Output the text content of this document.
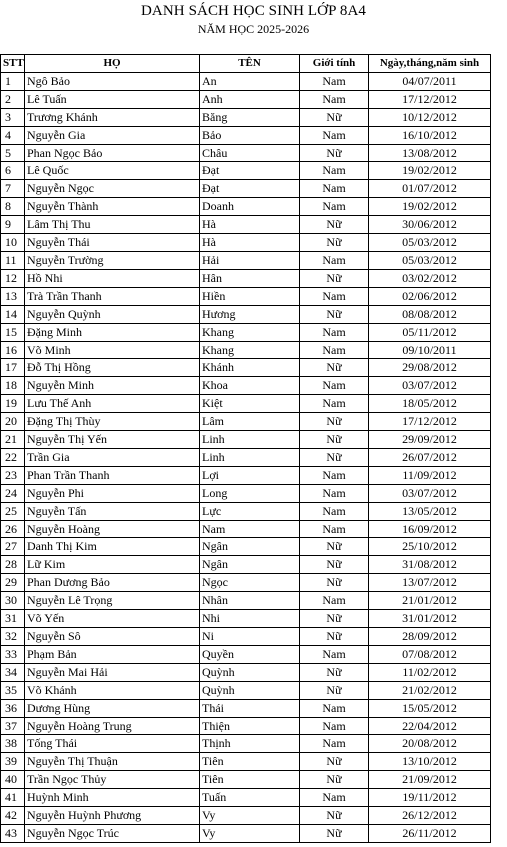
DANH SÁCH HỌC SINH LỚP 8A4
NĂM HỌC 2025-2026
STT	HỌ	TÊN	Giới tính	Ngày,tháng,năm sinh
1	Ngô Bảo	An	Nam	04/07/2011
2	Lê Tuấn	Anh	Nam	17/12/2012
3	Trương Khánh	Băng	Nữ	10/12/2012
4	Nguyễn Gia	Bảo	Nam	16/10/2012
5	Phan Ngọc Bảo	Châu	Nữ	13/08/2012
6	Lê Quốc	Đạt	Nam	19/02/2012
7	Nguyễn Ngọc	Đạt	Nam	01/07/2012
8	Nguyễn Thành	Doanh	Nam	19/02/2012
9	Lâm Thị Thu	Hà	Nữ	30/06/2012
10	Nguyễn Thái	Hà	Nữ	05/03/2012
11	Nguyễn Trường	Hải	Nam	05/03/2012
12	Hồ Nhi	Hân	Nữ	03/02/2012
13	Trà Trần Thanh	Hiền	Nam	02/06/2012
14	Nguyễn Quỳnh	Hương	Nữ	08/08/2012
15	Đặng Minh	Khang	Nam	05/11/2012
16	Võ Minh	Khang	Nam	09/10/2011
17	Đỗ Thị Hồng	Khánh	Nữ	29/08/2012
18	Nguyễn Minh	Khoa	Nam	03/07/2012
19	Lưu Thế Anh	Kiệt	Nam	18/05/2012
20	Đặng Thị Thùy	Lâm	Nữ	17/12/2012
21	Nguyễn Thị Yến	Linh	Nữ	29/09/2012
22	Trần Gia	Linh	Nữ	26/07/2012
23	Phan Trần Thanh	Lợi	Nam	11/09/2012
24	Nguyễn Phi	Long	Nam	03/07/2012
25	Nguyễn Tấn	Lực	Nam	13/05/2012
26	Nguyễn Hoàng	Nam	Nam	16/09/2012
27	Danh Thị Kim	Ngân	Nữ	25/10/2012
28	Lữ Kim	Ngân	Nữ	31/08/2012
29	Phan Dương Bảo	Ngọc	Nữ	13/07/2012
30	Nguyễn Lê Trọng	Nhân	Nam	21/01/2012
31	Võ Yến	Nhi	Nữ	31/01/2012
32	Nguyễn Sô	Ni	Nữ	28/09/2012
33	Phạm Bản	Quyền	Nam	07/08/2012
34	Nguyễn Mai Hải	Quỳnh	Nữ	11/02/2012
35	Võ Khánh	Quỳnh	Nữ	21/02/2012
36	Dương Hùng	Thái	Nam	15/05/2012
37	Nguyễn Hoàng Trung	Thiện	Nam	22/04/2012
38	Tống Thái	Thịnh	Nam	20/08/2012
39	Nguyễn Thị Thuận	Tiên	Nữ	13/10/2012
40	Trần Ngọc Thủy	Tiên	Nữ	21/09/2012
41	Huỳnh Minh	Tuấn	Nam	19/11/2012
42	Nguyễn Huỳnh Phương	Vy	Nữ	26/12/2012
43	Nguyễn Ngọc Trúc	Vy	Nữ	26/11/2012
